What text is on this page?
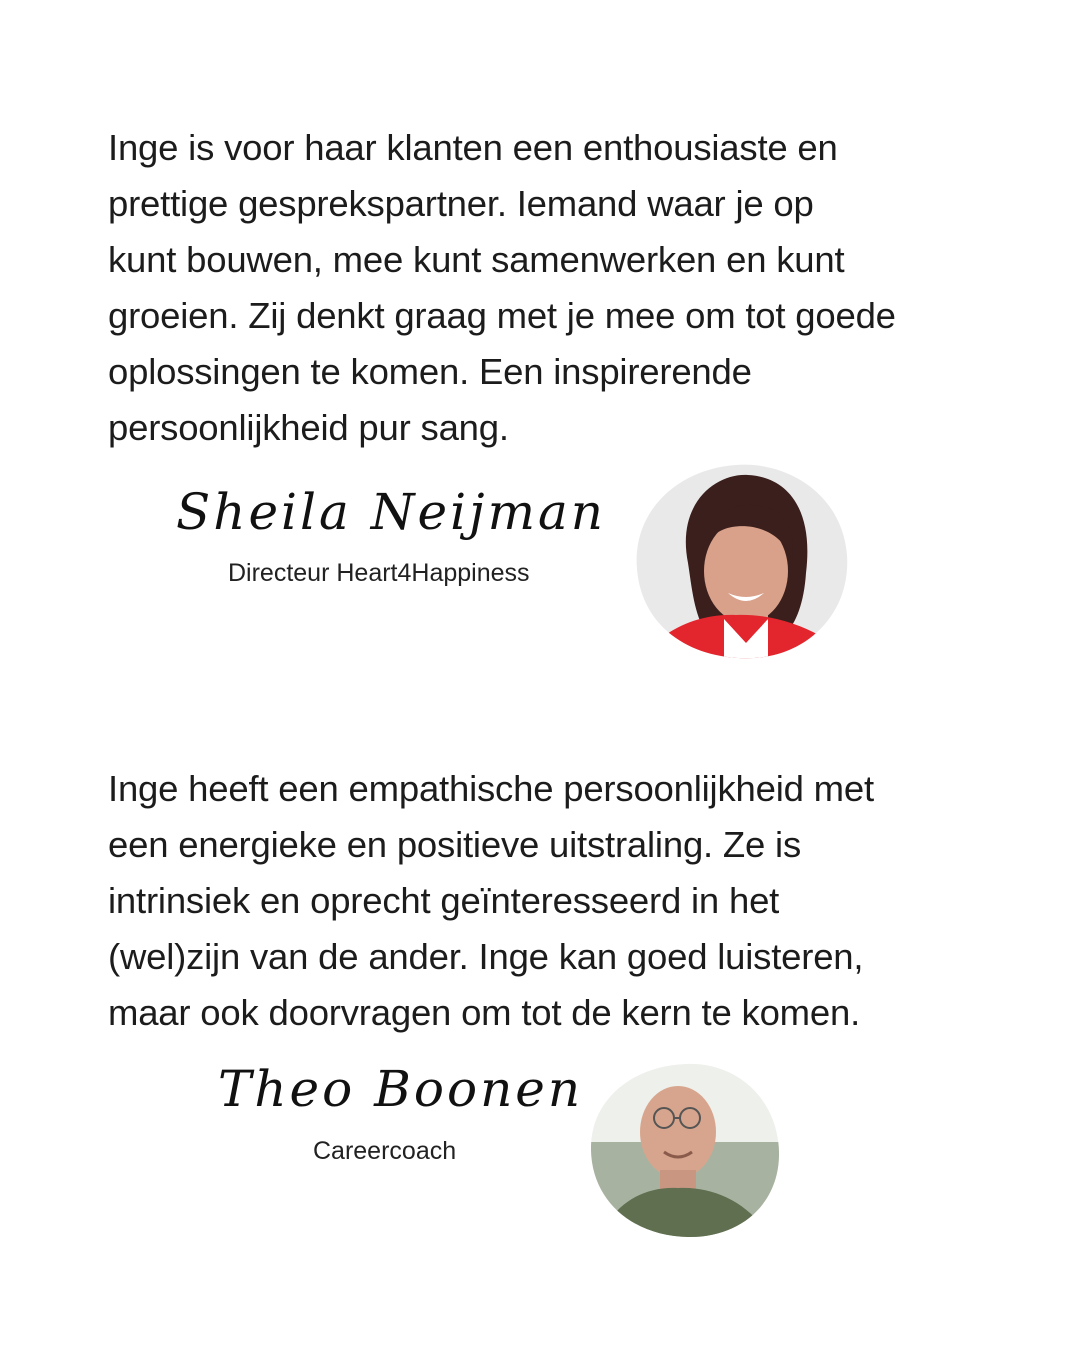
Inge is voor haar klanten een enthousiaste en
prettige gesprekspartner. Iemand waar je op
kunt bouwen, mee kunt samenwerken en kunt
groeien. Zij denkt graag met je mee om tot goede
oplossingen te komen. Een inspirerende
persoonlijkheid pur sang.

Sheila Neijman
Directeur Heart4Happiness

Inge heeft een empathische persoonlijkheid met
een energieke en positieve uitstraling. Ze is
intrinsiek en oprecht geïnteresseerd in het
(wel)zijn van de ander. Inge kan goed luisteren,
maar ook doorvragen om tot de kern te komen.

Theo Boonen
Careercoach
